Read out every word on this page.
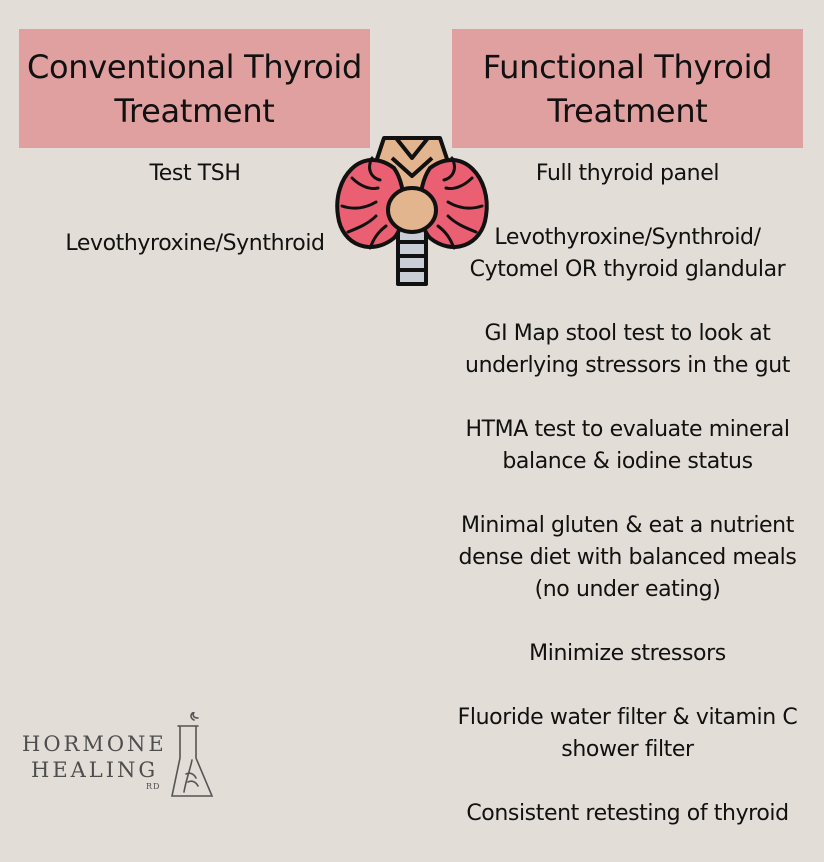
Conventional Thyroid
Treatment
Functional Thyroid
Treatment
Test TSH
Levothyroxine/Synthroid
Full thyroid panel
Levothyroxine/Synthroid/
Cytomel OR thyroid glandular
GI Map stool test to look at
underlying stressors in the gut
HTMA test to evaluate mineral
balance & iodine status
Minimal gluten & eat a nutrient
dense diet with balanced meals
(no under eating)
Minimize stressors
Fluoride water filter & vitamin C
shower filter
Consistent retesting of thyroid
HORMONE
HEALING
RD
